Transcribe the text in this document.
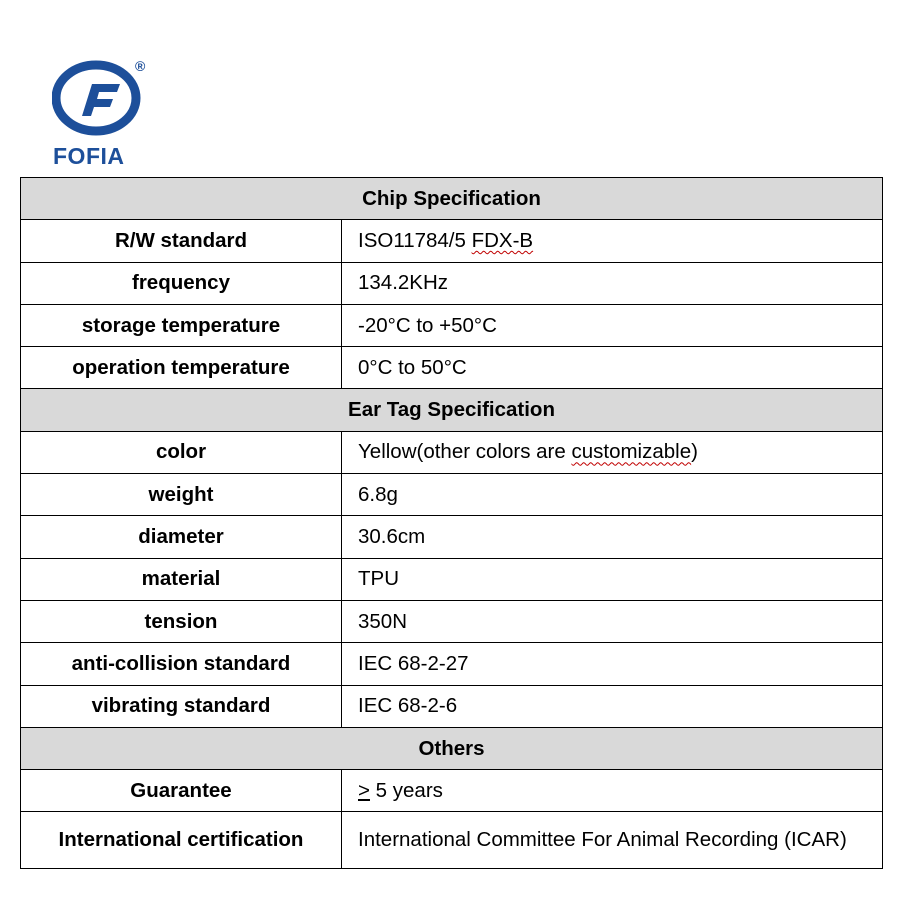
®
FOFIA
Chip Specification	
R/W standard	ISO11784/5 FDX-B
frequency	134.2KHz
storage temperature	-20°C to +50°C
operation temperature	0°C to 50°C
Ear Tag Specification	
color	Yellow(other colors are customizable)
weight	6.8g
diameter	30.6cm
material	TPU
tension	350N
anti-collision standard	IEC 68-2-27
vibrating standard	IEC 68-2-6
Others	
Guarantee	≥ 5 years
International certification	International Committee For Animal Recording (ICAR)
